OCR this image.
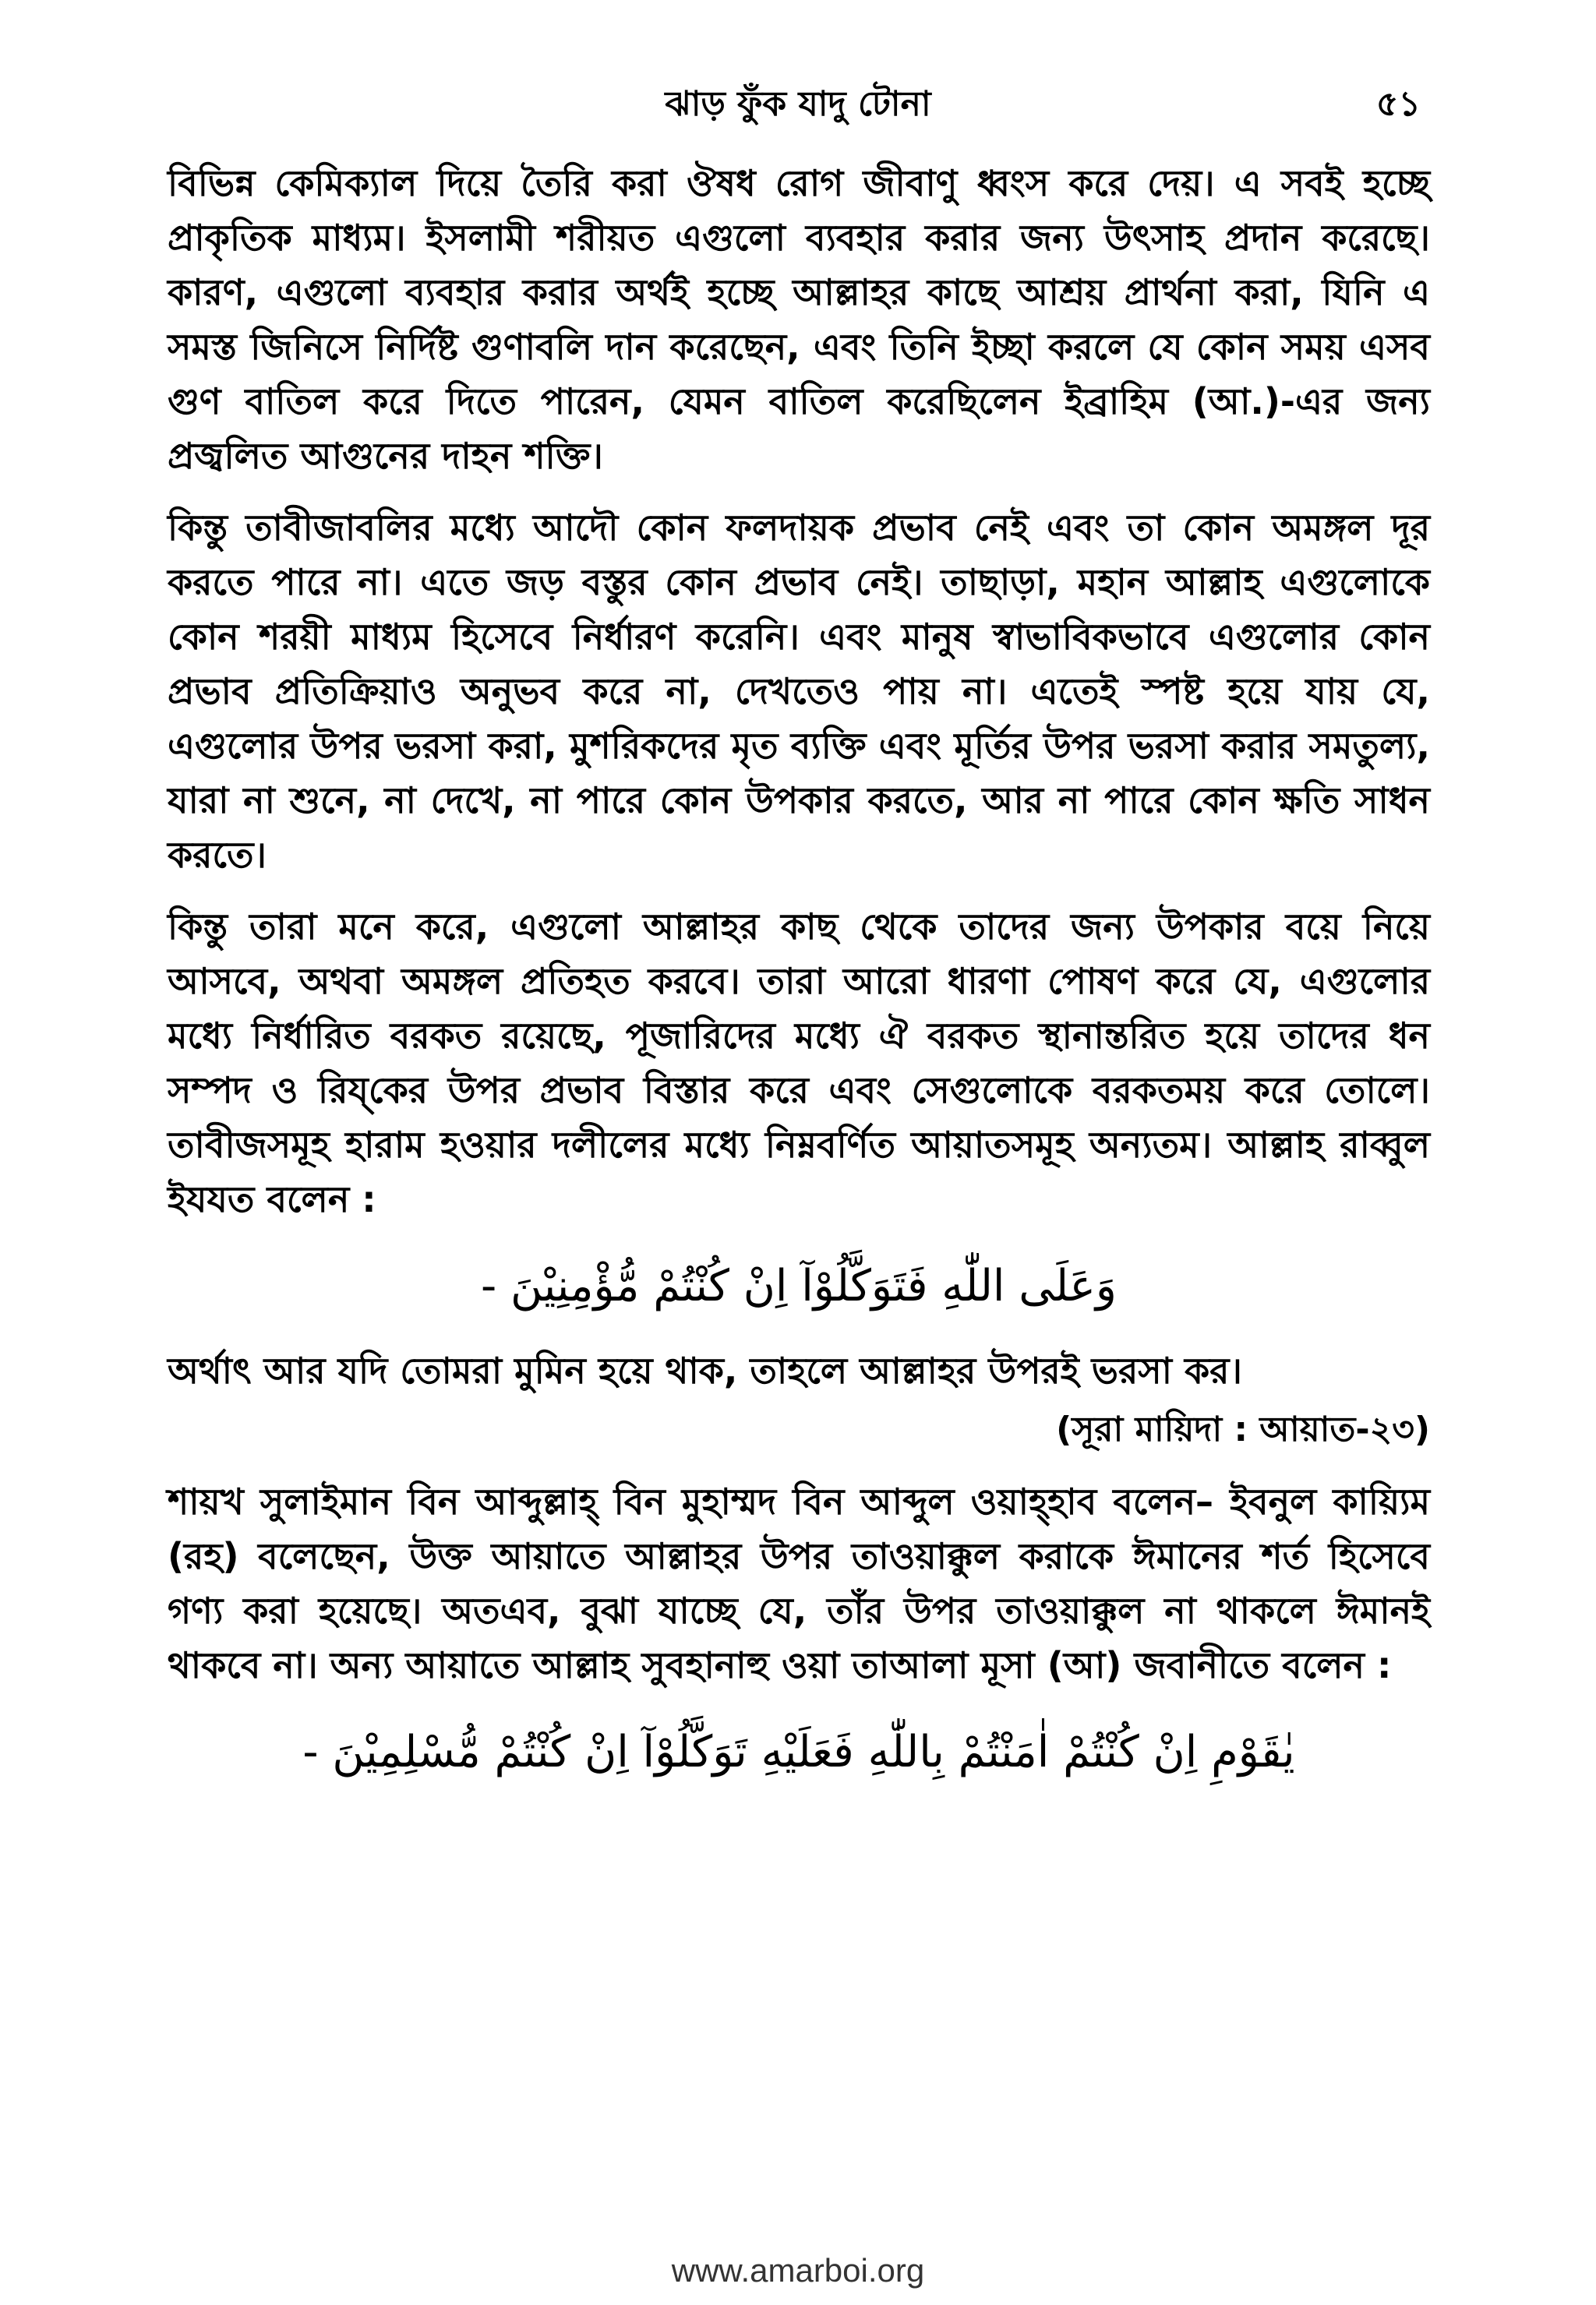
ঝাড় ফুঁক যাদু টোনা	৫১

বিভিন্ন কেমিক্যাল দিয়ে তৈরি করা ঔষধ রোগ জীবাণু ধ্বংস করে দেয়। এ সবই হচ্ছে প্রাকৃতিক মাধ্যম। ইসলামী শরীয়ত এগুলো ব্যবহার করার জন্য উৎসাহ প্রদান করেছে। কারণ, এগুলো ব্যবহার করার অর্থই হচ্ছে আল্লাহর কাছে আশ্রয় প্রার্থনা করা, যিনি এ সমস্ত জিনিসে নির্দিষ্ট গুণাবলি দান করেছেন, এবং তিনি ইচ্ছা করলে যে কোন সময় এসব গুণ বাতিল করে দিতে পারেন, যেমন বাতিল করেছিলেন ইব্রাহিম (আ.)-এর জন্য প্রজ্বলিত আগুনের দাহন শক্তি।

কিন্তু তাবীজাবলির মধ্যে আদৌ কোন ফলদায়ক প্রভাব নেই এবং তা কোন অমঙ্গল দূর করতে পারে না। এতে জড় বস্তুর কোন প্রভাব নেই। তাছাড়া, মহান আল্লাহ এগুলোকে কোন শরয়ী মাধ্যম হিসেবে নির্ধারণ করেনি। এবং মানুষ স্বাভাবিকভাবে এগুলোর কোন প্রভাব প্রতিক্রিয়াও অনুভব করে না, দেখতেও পায় না। এতেই স্পষ্ট হয়ে যায় যে, এগুলোর উপর ভরসা করা, মুশরিকদের মৃত ব্যক্তি এবং মূর্তির উপর ভরসা করার সমতুল্য, যারা না শুনে, না দেখে, না পারে কোন উপকার করতে, আর না পারে কোন ক্ষতি সাধন করতে।

কিন্তু তারা মনে করে, এগুলো আল্লাহর কাছ থেকে তাদের জন্য উপকার বয়ে নিয়ে আসবে, অথবা অমঙ্গল প্রতিহত করবে। তারা আরো ধারণা পোষণ করে যে, এগুলোর মধ্যে নির্ধারিত বরকত রয়েছে, পূজারিদের মধ্যে ঐ বরকত স্থানান্তরিত হয়ে তাদের ধন সম্পদ ও রিয্‌কের উপর প্রভাব বিস্তার করে এবং সেগুলোকে বরকতময় করে তোলে। তাবীজসমূহ হারাম হওয়ার দলীলের মধ্যে নিম্নবর্ণিত আয়াতসমূহ অন্যতম। আল্লাহ রাব্বুল ইযযত বলেন :

وَعَلَى اللّٰهِ فَتَوَكَّلُوْآ اِنْ كُنْتُمْ مُّؤْمِنِيْنَ -

অর্থাৎ আর যদি তোমরা মুমিন হয়ে থাক, তাহলে আল্লাহর উপরই ভরসা কর।

(সূরা মায়িদা : আয়াত-২৩)

শায়খ সুলাইমান বিন আব্দুল্লাহ্ বিন মুহাম্মদ বিন আব্দুল ওয়াহ্হাব বলেন– ইবনুল কায়্যিম (রহ) বলেছেন, উক্ত আয়াতে আল্লাহর উপর তাওয়াক্কুল করাকে ঈমানের শর্ত হিসেবে গণ্য করা হয়েছে। অতএব, বুঝা যাচ্ছে যে, তাঁর উপর তাওয়াক্কুল না থাকলে ঈমানই থাকবে না। অন্য আয়াতে আল্লাহ সুবহানাহু ওয়া তাআলা মূসা (আ) জবানীতে বলেন :

يٰقَوْمِ اِنْ كُنْتُمْ اٰمَنْتُمْ بِاللّٰهِ فَعَلَيْهِ تَوَكَّلُوْآ اِنْ كُنْتُمْ مُّسْلِمِيْنَ -
www.amarboi.org
